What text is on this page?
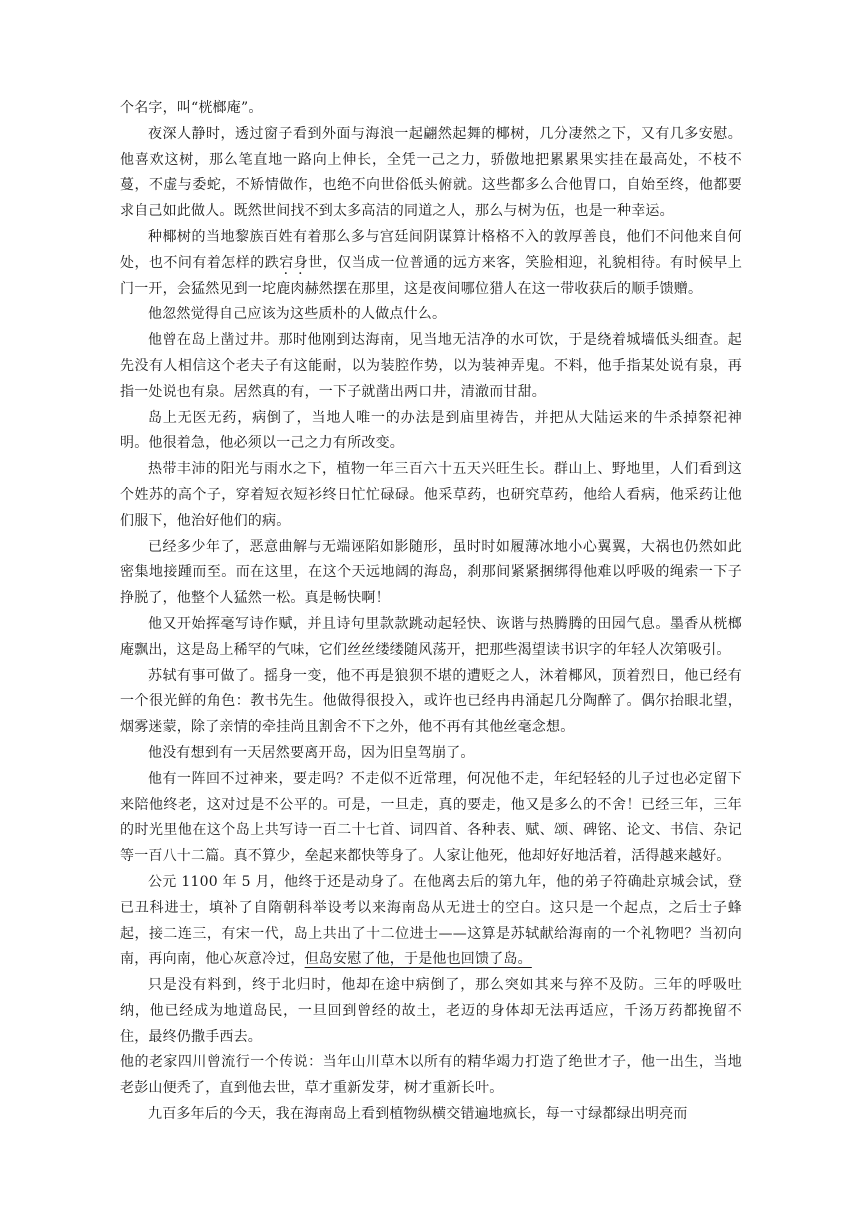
个名字，叫“桄榔庵”。

夜深人静时，透过窗子看到外面与海浪一起翩然起舞的椰树，几分凄然之下，又有几多安慰。他喜欢这树，那么笔直地一路向上伸长，全凭一己之力，骄傲地把累累果实挂在最高处，不枝不蔓，不虚与委蛇，不矫情做作，也绝不向世俗低头俯就。这些都多么合他胃口，自始至终，他都要求自己如此做人。既然世间找不到太多高洁的同道之人，那么与树为伍，也是一种幸运。

种椰树的当地黎族百姓有着那么多与宫廷间阴谋算计格格不入的敦厚善良，他们不问他来自何处，也不问有着怎样的跌宕身世，仅当成一位普通的远方来客，笑脸相迎，礼貌相待。有时候早上门一开，会猛然见到一坨鹿肉赫然摆在那里，这是夜间哪位猎人在这一带收获后的顺手馈赠。

他忽然觉得自己应该为这些质朴的人做点什么。

他曾在岛上凿过井。那时他刚到达海南，见当地无洁净的水可饮，于是绕着城墙低头细查。起先没有人相信这个老夫子有这能耐，以为装腔作势，以为装神弄鬼。不料，他手指某处说有泉，再指一处说也有泉。居然真的有，一下子就凿出两口井，清澈而甘甜。

岛上无医无药，病倒了，当地人唯一的办法是到庙里祷告，并把从大陆运来的牛杀掉祭祀神明。他很着急，他必须以一己之力有所改变。

热带丰沛的阳光与雨水之下，植物一年三百六十五天兴旺生长。群山上、野地里，人们看到这个姓苏的高个子，穿着短衣短衫终日忙忙碌碌。他采草药，也研究草药，他给人看病，他采药让他们服下，他治好他们的病。

已经多少年了，恶意曲解与无端诬陷如影随形，虽时时如履薄冰地小心翼翼，大祸也仍然如此密集地接踵而至。而在这里，在这个天远地阔的海岛，刹那间紧紧捆绑得他难以呼吸的绳索一下子挣脱了，他整个人猛然一松。真是畅快啊！

他又开始挥毫写诗作赋，并且诗句里款款跳动起轻快、诙谐与热腾腾的田园气息。墨香从桄榔庵飘出，这是岛上稀罕的气味，它们丝丝缕缕随风荡开，把那些渴望读书识字的年轻人次第吸引。

苏轼有事可做了。摇身一变，他不再是狼狈不堪的遭贬之人，沐着椰风，顶着烈日，他已经有一个很光鲜的角色：教书先生。他做得很投入，或许也已经冉冉涌起几分陶醉了。偶尔抬眼北望，烟雾迷蒙，除了亲情的牵挂尚且割舍不下之外，他不再有其他丝毫念想。

他没有想到有一天居然要离开岛，因为旧皇驾崩了。

他有一阵回不过神来，要走吗？不走似不近常理，何况他不走，年纪轻轻的儿子过也必定留下来陪他终老，这对过是不公平的。可是，一旦走，真的要走，他又是多么的不舍！已经三年，三年的时光里他在这个岛上共写诗一百二十七首、词四首、各种表、赋、颂、碑铭、论文、书信、杂记等一百八十二篇。真不算少，垒起来都快等身了。人家让他死，他却好好地活着，活得越来越好。

公元 1100 年 5 月，他终于还是动身了。在他离去后的第九年，他的弟子符确赴京城会试，登已丑科进士，填补了自隋朝科举设考以来海南岛从无进士的空白。这只是一个起点，之后士子蜂起，接二连三，有宋一代，岛上共出了十二位进士——这算是苏轼献给海南的一个礼物吧？当初向南，再向南，他心灰意冷过，但岛安慰了他，于是他也回馈了岛。

只是没有料到，终于北归时，他却在途中病倒了，那么突如其来与猝不及防。三年的呼吸吐纳，他已经成为地道岛民，一旦回到曾经的故土，老迈的身体却无法再适应，千汤万药都挽留不住，最终仍撒手西去。

他的老家四川曾流行一个传说：当年山川草木以所有的精华竭力打造了绝世才子，他一出生，当地老彭山便秃了，直到他去世，草才重新发芽，树才重新长叶。

九百多年后的今天，我在海南岛上看到植物纵横交错遍地疯长，每一寸绿都绿出明亮而
